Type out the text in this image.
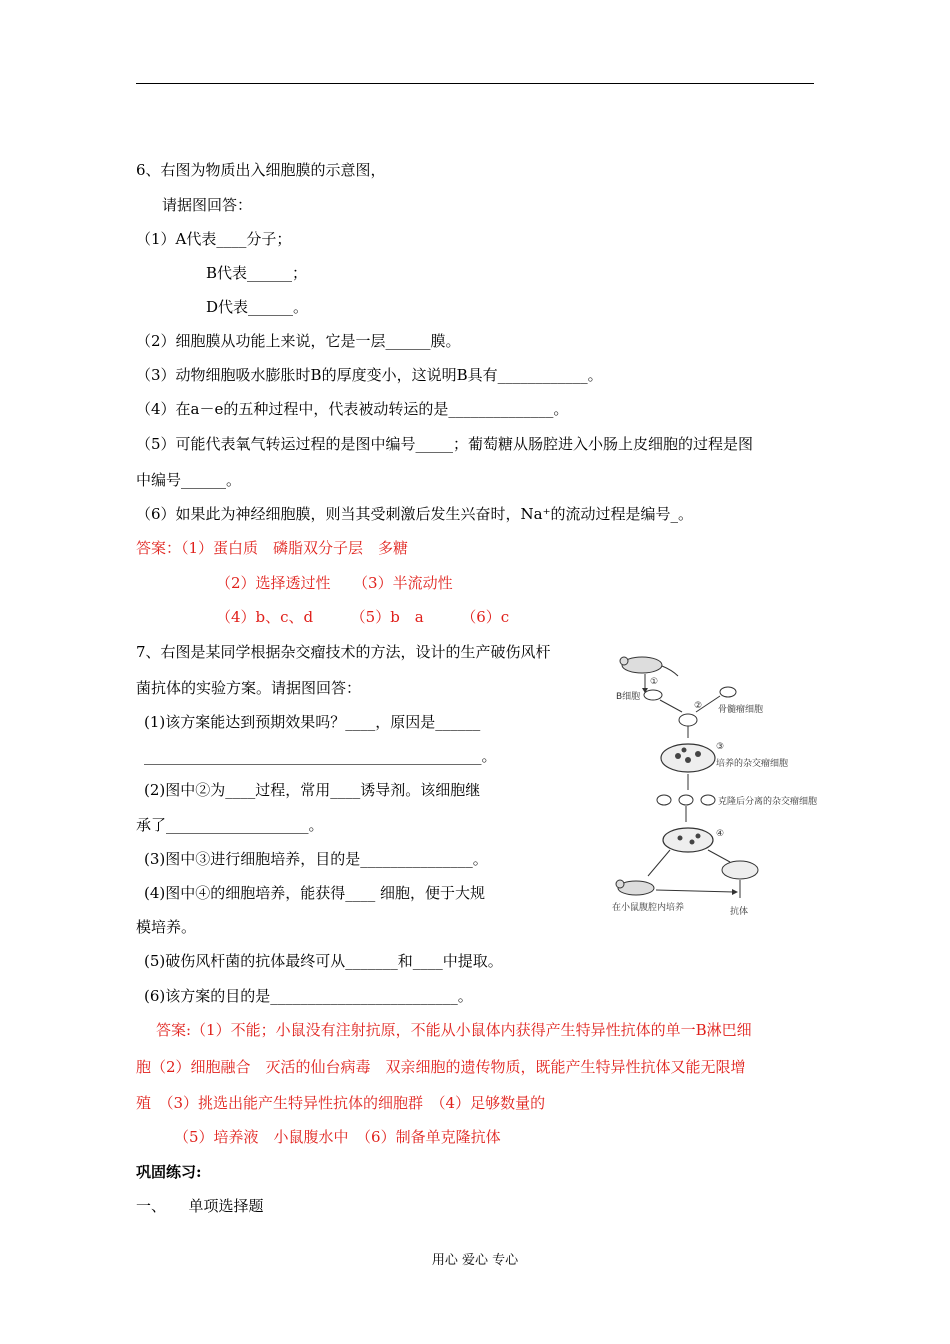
6、右图为物质出入细胞膜的示意图，
请据图回答：
（1）A代表____分子；
B代表______；
D代表______。
（2）细胞膜从功能上来说，它是一层______膜。
（3）动物细胞吸水膨胀时B的厚度变小，这说明B具有____________。
（4）在a－e的五种过程中，代表被动转运的是______________。
（5）可能代表氧气转运过程的是图中编号_____；葡萄糖从肠腔进入小肠上皮细胞的过程是图
中编号______。
（6）如果此为神经细胞膜，则当其受刺激后发生兴奋时，Na⁺的流动过程是编号_。
答案：（1）蛋白质　磷脂双分子层　多糖
（2）选择透过性　　（3）半流动性
（4）b、c、d　　　（5）b　a　　　（6）c
7、右图是某同学根据杂交瘤技术的方法，设计的生产破伤风杆
菌抗体的实验方案。请据图回答：
(1)该方案能达到预期效果吗？____，原因是______
_____________________________________________。
(2)图中②为____过程，常用____诱导剂。该细胞继
承了___________________。
(3)图中③进行细胞培养，目的是_______________。
(4)图中④的细胞培养，能获得____ 细胞，便于大规
模培养。
(5)破伤风杆菌的抗体最终可从_______和____中提取。
(6)该方案的目的是_________________________。
答案:（1）不能；小鼠没有注射抗原，不能从小鼠体内获得产生特异性抗体的单一B淋巴细
胞（2）细胞融合　灭活的仙台病毒　双亲细胞的遗传物质，既能产生特异性抗体又能无限增
殖　（3）挑选出能产生特异性抗体的细胞群　（4）足够数量的
（5）培养液　小鼠腹水中　（6）制备单克隆抗体
巩固练习:
一、　　单项选择题
①
B细胞
骨髓瘤细胞
②
③
培养的杂交瘤细胞
克隆后分离的杂交瘤细胞
④
在小鼠腹腔内培养	抗体
用心 爱心 专心
